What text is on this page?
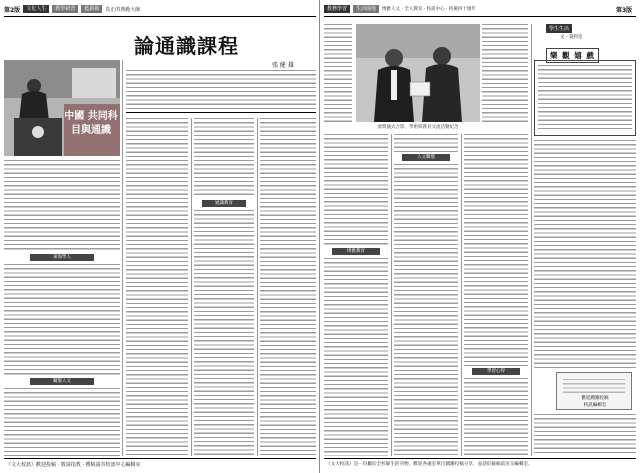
第2版	文化人生	教學研習	藍薪報	真正的典範大師
中國 共同科目與通識
論通識課程
張 健 雄
東海學人
關懷人文
通識教育
《文大校訊》歡迎投稿 · 敬請指教 · 獲稿請寄校訊中心編輯室
教務學習	生活園地	博雅人文 · 全人教育 · 校訊中心 · 校慶四十週年	第3版
頒獎儀式合影，學術與教育交流活動紀念
博雅教育
人文關懷
學習心得
學生生活
文・資料室
樂 觀 嬉 戲
歡迎踴躍投稿
校訊編輯室
《文大校訊》是一份屬於全校師生的刊物，歡迎各處室單位踴躍投稿分享，並請於截稿前送交編輯室。
